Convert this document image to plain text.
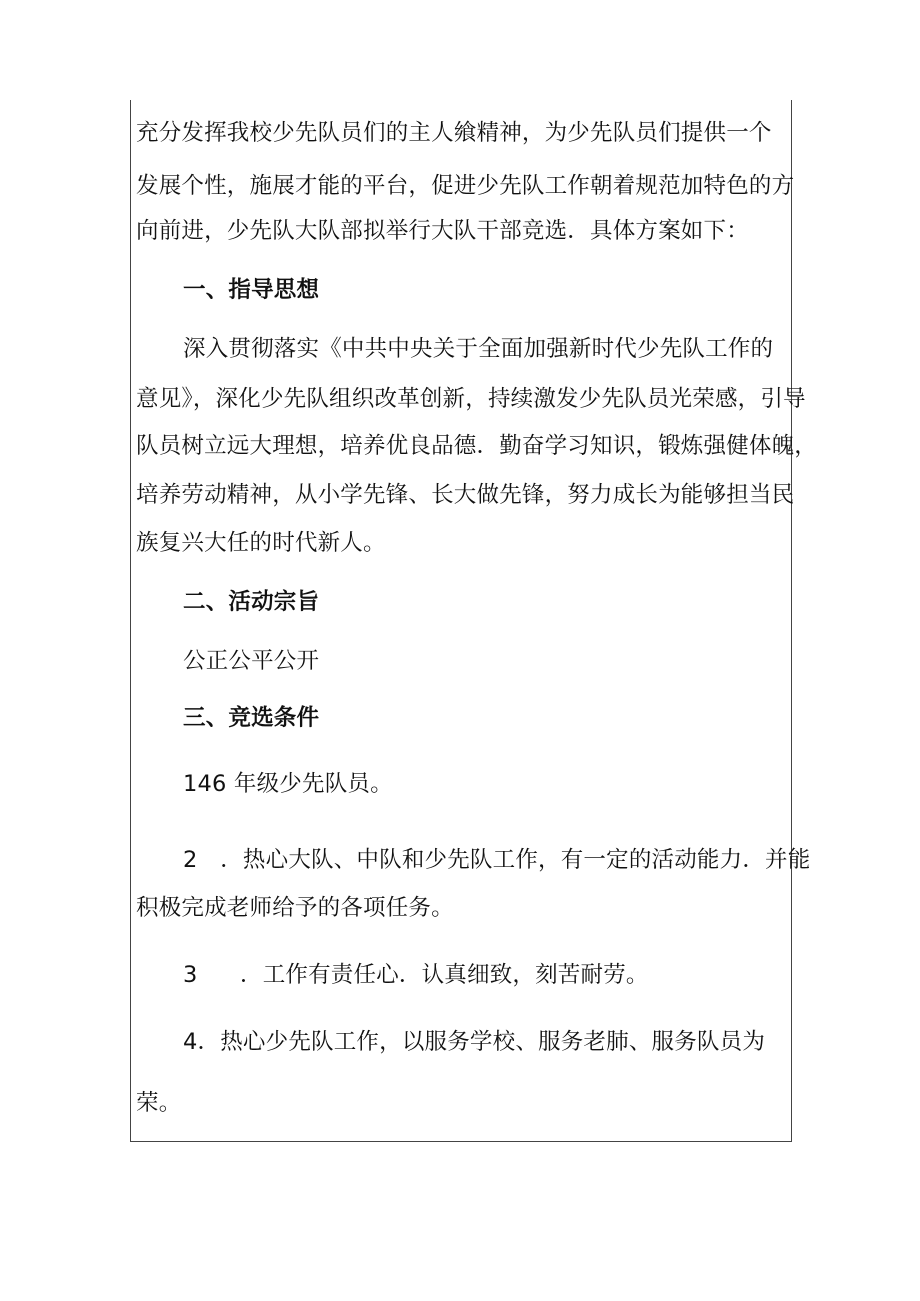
充分发挥我校少先队员们的主人飨精神，为少先队员们提供一个
发展个性，施展才能的平台，促进少先队工作朝着规范加特色的方
向前进，少先队大队部拟举行大队干部竞选．具体方案如下：
一、指导思想
深入贯彻落实《中共中央关于全面加强新时代少先队工作的
意见》，深化少先队组织改革创新，持续激发少先队员光荣感，引导
队员树立远大理想，培养优良品德．勤奋学习知识，锻炼强健体魄，
培养劳动精神，从小学先锋、长大做先锋，努力成长为能够担当民
族复兴大任的时代新人。
二、活动宗旨
公正公平公开
三、竞选条件
146 年级少先队员。
2　．热心大队、中队和少先队工作，有一定的活动能力．并能
积极完成老师给予的各项任务。
3 ．工作有责任心．认真细致，刻苦耐劳。
4．热心少先队工作，以服务学校、服务老肺、服务队员为
荣。
